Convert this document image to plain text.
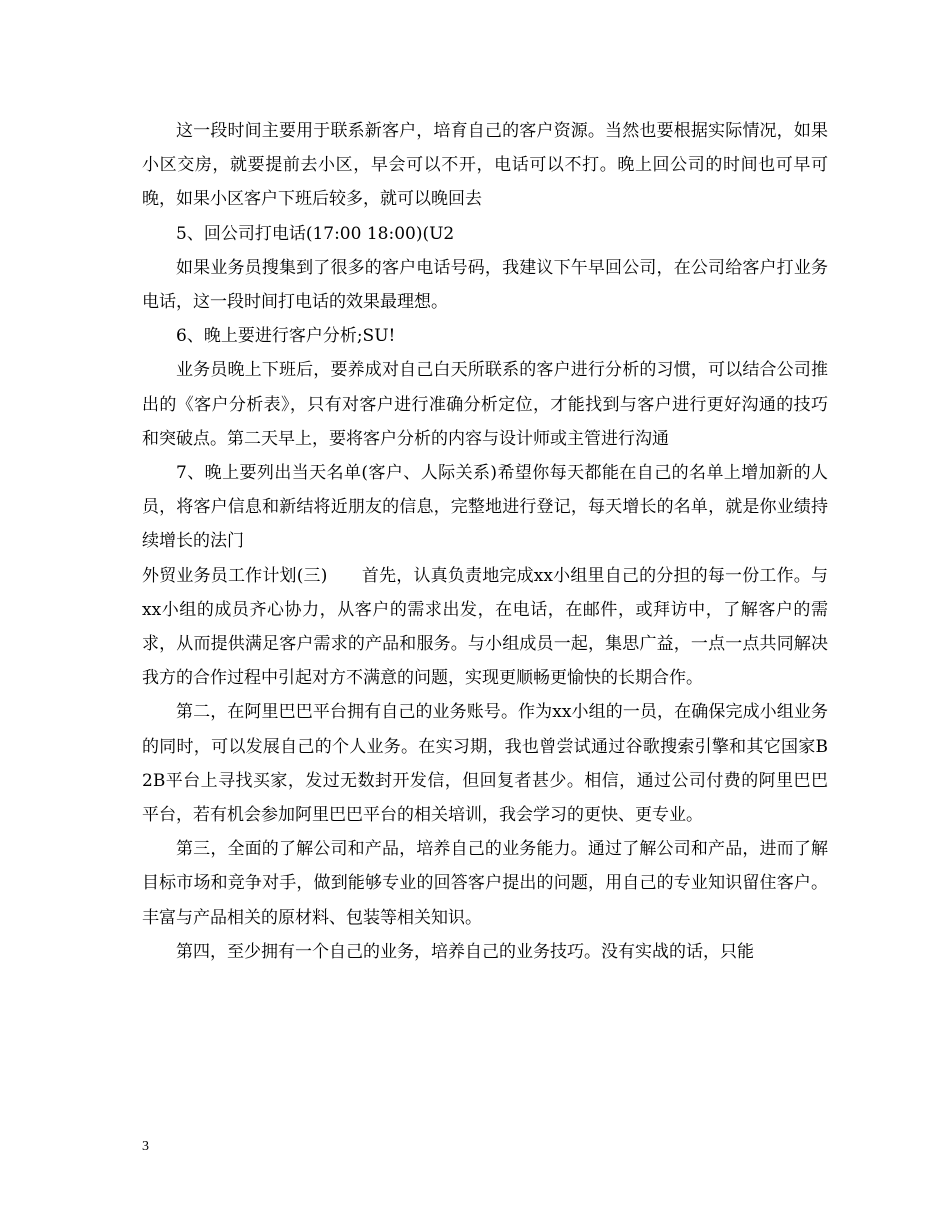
这一段时间主要用于联系新客户，培育自己的客户资源。当然也要根据实际情况，如果小区交房，就要提前去小区，早会可以不开，电话可以不打。晚上回公司的时间也可早可晚，如果小区客户下班后较多，就可以晚回去

5、回公司打电话(17:00 18:00)(U2

如果业务员搜集到了很多的客户电话号码，我建议下午早回公司，在公司给客户打业务电话，这一段时间打电话的效果最理想。

6、晚上要进行客户分析;SU!

业务员晚上下班后，要养成对自己白天所联系的客户进行分析的习惯，可以结合公司推出的《客户分析表》，只有对客户进行准确分析定位，才能找到与客户进行更好沟通的技巧和突破点。第二天早上，要将客户分析的内容与设计师或主管进行沟通

7、晚上要列出当天名单(客户、人际关系)希望你每天都能在自己的名单上增加新的人员，将客户信息和新结将近朋友的信息，完整地进行登记，每天增长的名单，就是你业绩持续增长的法门

外贸业务员工作计划(三)　　首先，认真负责地完成xx小组里自己的分担的每一份工作。与xx小组的成员齐心协力，从客户的需求出发，在电话，在邮件，或拜访中，了解客户的需求，从而提供满足客户需求的产品和服务。与小组成员一起，集思广益，一点一点共同解决我方的合作过程中引起对方不满意的问题，实现更顺畅更愉快的长期合作。

第二，在阿里巴巴平台拥有自己的业务账号。作为xx小组的一员，在确保完成小组业务的同时，可以发展自己的个人业务。在实习期，我也曾尝试通过谷歌搜索引擎和其它国家B2B平台上寻找买家，发过无数封开发信，但回复者甚少。相信，通过公司付费的阿里巴巴平台，若有机会参加阿里巴巴平台的相关培训，我会学习的更快、更专业。

第三，全面的了解公司和产品，培养自己的业务能力。通过了解公司和产品，进而了解目标市场和竞争对手，做到能够专业的回答客户提出的问题，用自己的专业知识留住客户。丰富与产品相关的原材料、包装等相关知识。

第四，至少拥有一个自己的业务，培养自己的业务技巧。没有实战的话，只能

3
